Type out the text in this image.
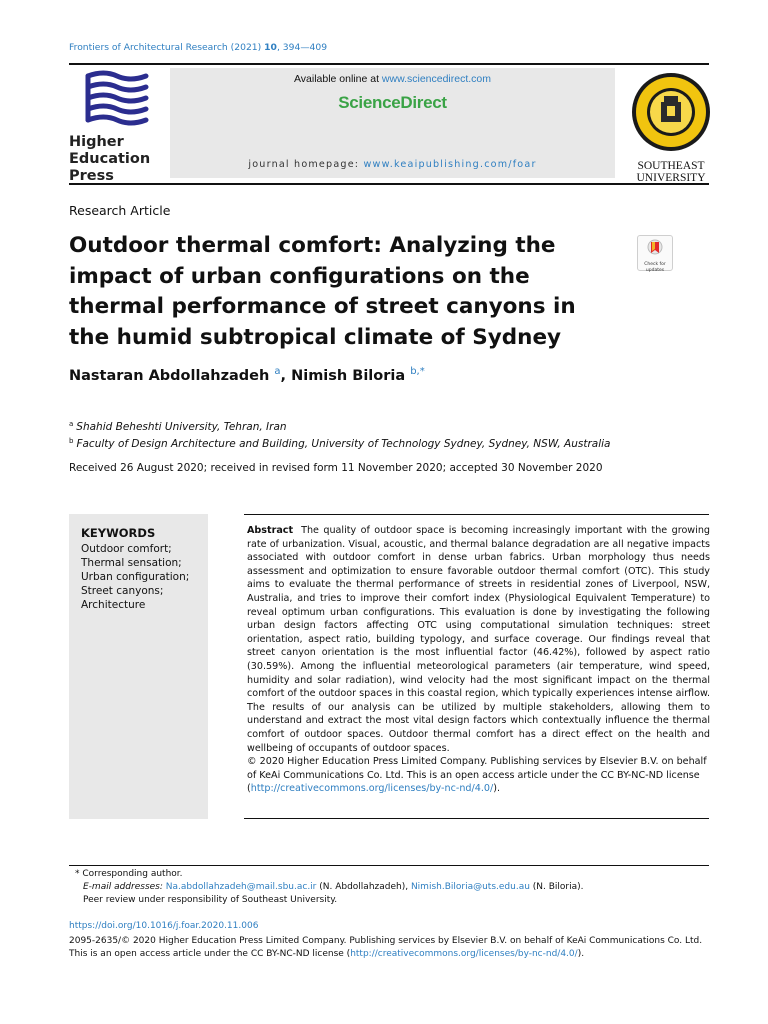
Frontiers of Architectural Research (2021) 10, 394—409
Higher
Education
Press
Available online at www.sciencedirect.com
ScienceDirect
journal homepage: www.keaipublishing.com/foar	SOUTHEAST
UNIVERSITY
Research Article
Outdoor thermal comfort: Analyzing the impact of urban configurations on the thermal performance of street canyons in the humid subtropical climate of Sydney
Check for
updates
Nastaran Abdollahzadeh $^a$, Nimish Biloria $^{b,*}$
$^a$ Shahid Beheshti University, Tehran, Iran
$^b$ Faculty of Design Architecture and Building, University of Technology Sydney, Sydney, NSW, Australia
Received 26 August 2020; received in revised form 11 November 2020; accepted 30 November 2020
KEYWORDS
Outdoor comfort;
Thermal sensation;
Urban configuration;
Street canyons;
Architecture

Abstract The quality of outdoor space is becoming increasingly important with the growing rate of urbanization. Visual, acoustic, and thermal balance degradation are all negative impacts associated with outdoor comfort in dense urban fabrics. Urban morphology thus needs assessment and optimization to ensure favorable outdoor thermal comfort (OTC). This study aims to evaluate the thermal performance of streets in residential zones of Liverpool, NSW, Australia, and tries to improve their comfort index (Physiological Equivalent Temperature) to reveal optimum urban configurations. This evaluation is done by investigating the following urban design factors affecting OTC using computational simulation techniques: street orientation, aspect ratio, building typology, and surface coverage. Our findings reveal that street canyon orientation is the most influential factor (46.42%), followed by aspect ratio (30.59%). Among the influential meteorological parameters (air temperature, wind speed, humidity and solar radiation), wind velocity had the most significant impact on the thermal comfort of the outdoor spaces in this coastal region, which typically experiences intense airflow. The results of our analysis can be utilized by multiple stakeholders, allowing them to understand and extract the most vital design factors which contextually influence the thermal comfort of outdoor spaces. Outdoor thermal comfort has a direct effect on the health and wellbeing of occupants of outdoor spaces.

© 2020 Higher Education Press Limited Company. Publishing services by Elsevier B.V. on behalf of KeAi Communications Co. Ltd. This is an open access article under the CC BY-NC-ND license (http://creativecommons.org/licenses/by-nc-nd/4.0/).

* Corresponding author.
E-mail addresses: Na.abdollahzadeh@mail.sbu.ac.ir (N. Abdollahzadeh), Nimish.Biloria@uts.edu.au (N. Biloria).
Peer review under responsibility of Southeast University.
https://doi.org/10.1016/j.foar.2020.11.006
2095-2635/© 2020 Higher Education Press Limited Company. Publishing services by Elsevier B.V. on behalf of KeAi Communications Co. Ltd.
This is an open access article under the CC BY-NC-ND license (http://creativecommons.org/licenses/by-nc-nd/4.0/).
